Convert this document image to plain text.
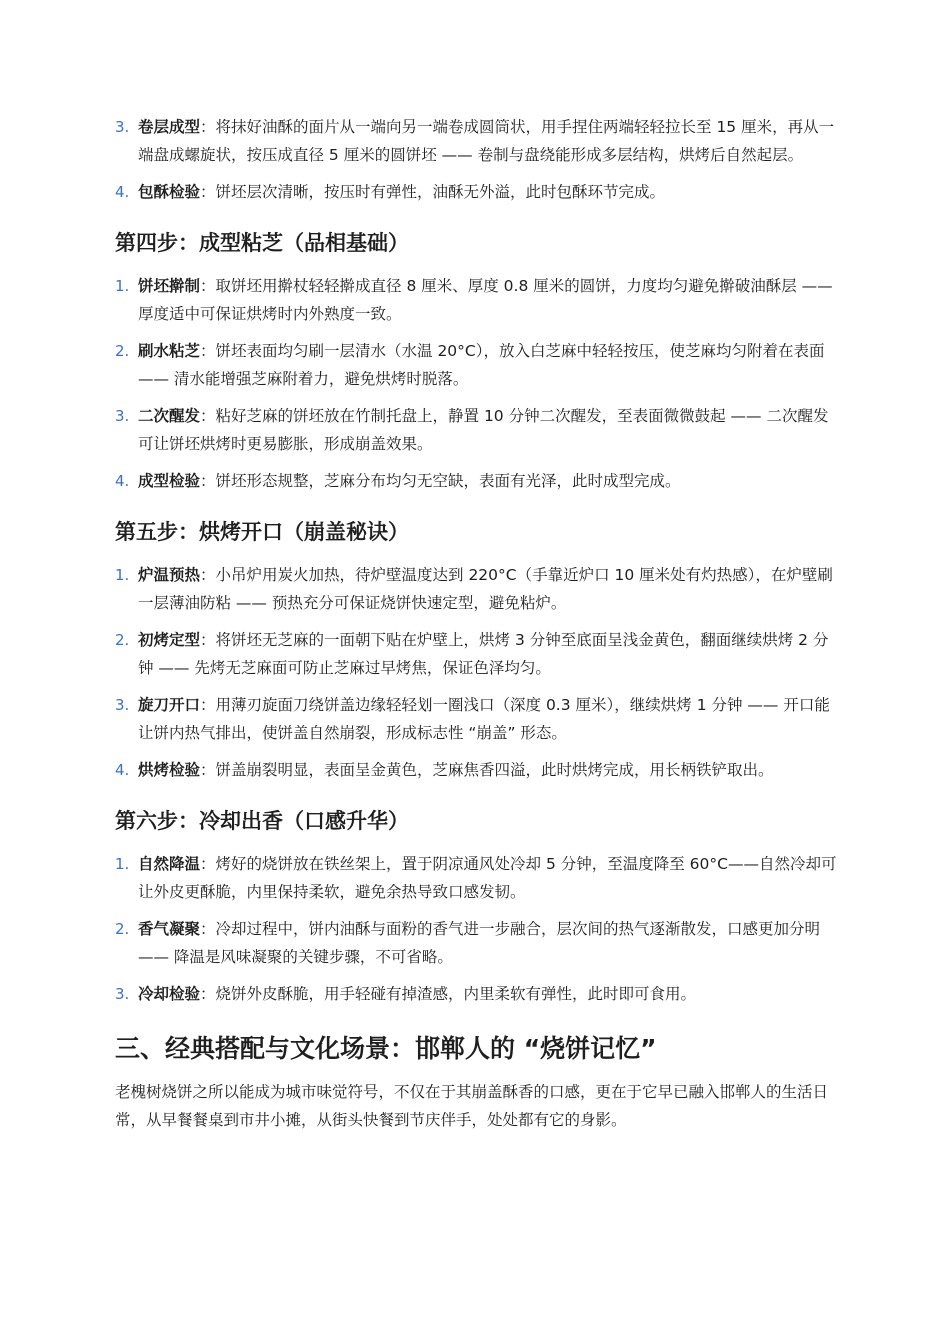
3. 卷层成型：将抹好油酥的面片从一端向另一端卷成圆筒状，用手捏住两端轻轻拉长至 15 厘米，再从一端盘成螺旋状，按压成直径 5 厘米的圆饼坯 —— 卷制与盘绕能形成多层结构，烘烤后自然起层。
4. 包酥检验：饼坯层次清晰，按压时有弹性，油酥无外溢，此时包酥环节完成。
第四步：成型粘芝（品相基础）
1. 饼坯擀制：取饼坯用擀杖轻轻擀成直径 8 厘米、厚度 0.8 厘米的圆饼，力度均匀避免擀破油酥层 —— 厚度适中可保证烘烤时内外熟度一致。
2. 刷水粘芝：饼坯表面均匀刷一层清水（水温 20°C），放入白芝麻中轻轻按压，使芝麻均匀附着在表面 —— 清水能增强芝麻附着力，避免烘烤时脱落。
3. 二次醒发：粘好芝麻的饼坯放在竹制托盘上，静置 10 分钟二次醒发，至表面微微鼓起 —— 二次醒发可让饼坯烘烤时更易膨胀，形成崩盖效果。
4. 成型检验：饼坯形态规整，芝麻分布均匀无空缺，表面有光泽，此时成型完成。
第五步：烘烤开口（崩盖秘诀）
1. 炉温预热：小吊炉用炭火加热，待炉壁温度达到 220°C（手靠近炉口 10 厘米处有灼热感），在炉壁刷一层薄油防粘 —— 预热充分可保证烧饼快速定型，避免粘炉。
2. 初烤定型：将饼坯无芝麻的一面朝下贴在炉壁上，烘烤 3 分钟至底面呈浅金黄色，翻面继续烘烤 2 分钟 —— 先烤无芝麻面可防止芝麻过早烤焦，保证色泽均匀。
3. 旋刀开口：用薄刃旋面刀绕饼盖边缘轻轻划一圈浅口（深度 0.3 厘米），继续烘烤 1 分钟 —— 开口能让饼内热气排出，使饼盖自然崩裂，形成标志性 “崩盖” 形态。
4. 烘烤检验：饼盖崩裂明显，表面呈金黄色，芝麻焦香四溢，此时烘烤完成，用长柄铁铲取出。
第六步：冷却出香（口感升华）
1. 自然降温：烤好的烧饼放在铁丝架上，置于阴凉通风处冷却 5 分钟，至温度降至 60°C——自然冷却可让外皮更酥脆，内里保持柔软，避免余热导致口感发韧。
2. 香气凝聚：冷却过程中，饼内油酥与面粉的香气进一步融合，层次间的热气逐渐散发，口感更加分明 —— 降温是风味凝聚的关键步骤，不可省略。
3. 冷却检验：烧饼外皮酥脆，用手轻碰有掉渣感，内里柔软有弹性，此时即可食用。
三、经典搭配与文化场景：邯郸人的 “烧饼记忆”

老槐树烧饼之所以能成为城市味觉符号，不仅在于其崩盖酥香的口感，更在于它早已融入邯郸人的生活日常，从早餐餐桌到市井小摊，从街头快餐到节庆伴手，处处都有它的身影。
